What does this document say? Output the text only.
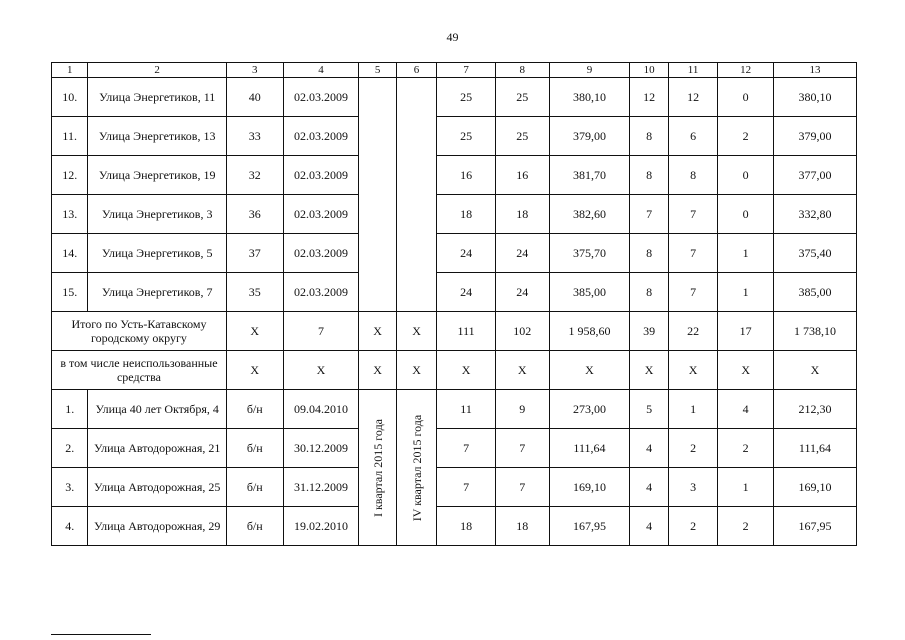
49
1	2	3	4	5	6	7	8	9	10	11	12	13
10.	Улица Энергетиков, 11	40	02.03.2009			25	25	380,10	12	12	0	380,10
11.	Улица Энергетиков, 13	33	02.03.2009			25	25	379,00	8	6	2	379,00
12.	Улица Энергетиков, 19	32	02.03.2009			16	16	381,70	8	8	0	377,00
13.	Улица Энергетиков, 3	36	02.03.2009			18	18	382,60	7	7	0	332,80
14.	Улица Энергетиков, 5	37	02.03.2009			24	24	375,70	8	7	1	375,40
15.	Улица Энергетиков, 7	35	02.03.2009			24	24	385,00	8	7	1	385,00
Итого по Усть-Катавскому городскому округу		X	7	X	X	111	102	1 958,60	39	22	17	1 738,10
в том числе неиспользованные средства		X	X	X	X	X	X	X	X	X	X	X
1.	Улица 40 лет Октября, 4	б/н	09.04.2010	I квартал 2015 года	IV квартал 2015 года	11	9	273,00	5	1	4	212,30
2.	Улица Автодорожная, 21	б/н	30.12.2009			7	7	111,64	4	2	2	111,64
3.	Улица Автодорожная, 25	б/н	31.12.2009			7	7	169,10	4	3	1	169,10
4.	Улица Автодорожная, 29	б/н	19.02.2010			18	18	167,95	4	2	2	167,95
